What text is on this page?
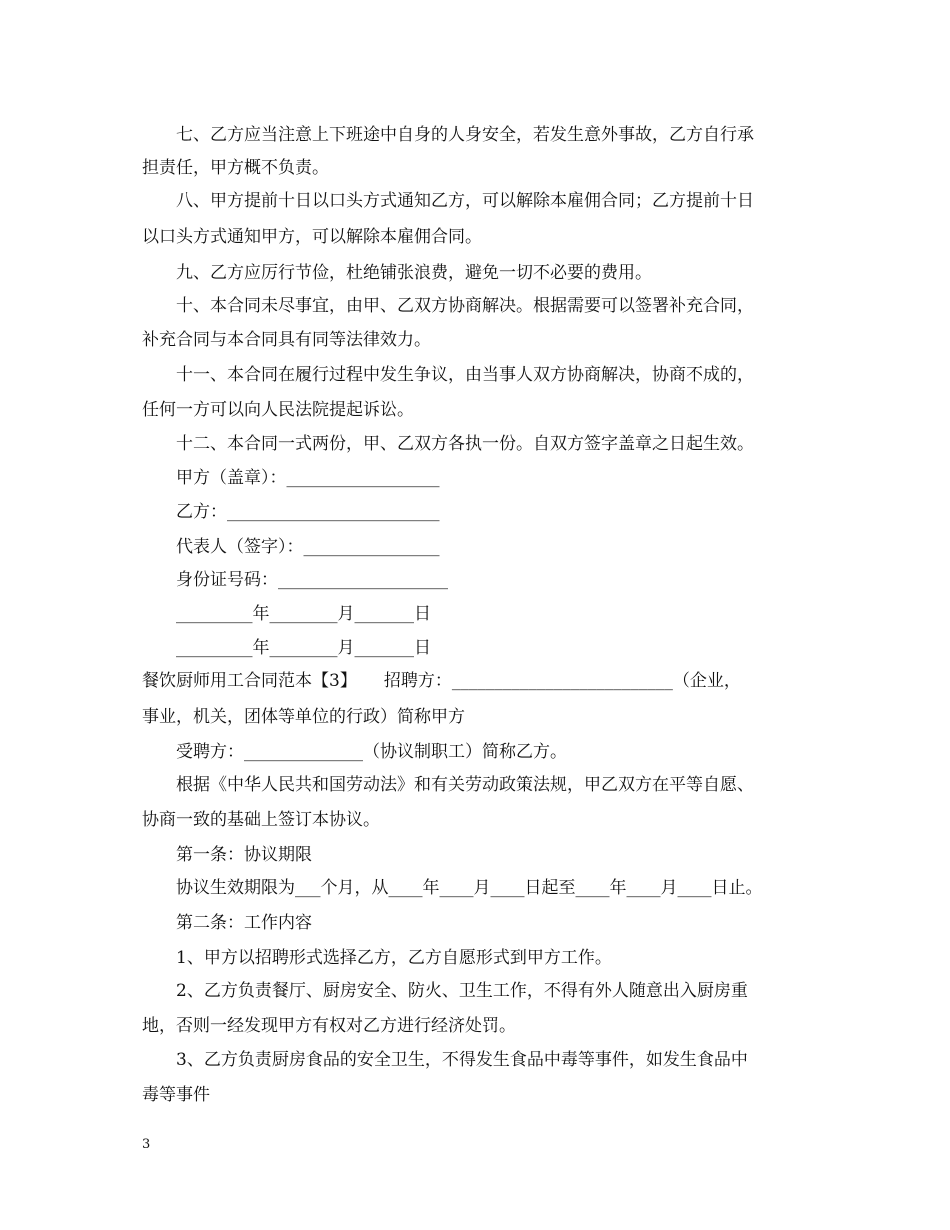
七、乙方应当注意上下班途中自身的人身安全，若发生意外事故，乙方自行承
担责任，甲方概不负责。
八、甲方提前十日以口头方式通知乙方，可以解除本雇佣合同；乙方提前十日
以口头方式通知甲方，可以解除本雇佣合同。
九、乙方应厉行节俭，杜绝铺张浪费，避免一切不必要的费用。
十、本合同未尽事宜，由甲、乙双方协商解决。根据需要可以签署补充合同，
补充合同与本合同具有同等法律效力。
十一、本合同在履行过程中发生争议，由当事人双方协商解决，协商不成的，
任何一方可以向人民法院提起诉讼。
十二、本合同一式两份，甲、乙双方各执一份。自双方签字盖章之日起生效。
甲方（盖章）：__________________
乙方：_________________________
代表人（签字）：________________
身份证号码：____________________
_________年________月_______日
_________年________月_______日
餐饮厨师用工合同范本【3】     招聘方：__________________________（企业，
事业，机关，团体等单位的行政）简称甲方
受聘方：______________（协议制职工）简称乙方。
根据《中华人民共和国劳动法》和有关劳动政策法规，甲乙双方在平等自愿、
协商一致的基础上签订本协议。
第一条：协议期限
协议生效期限为___个月，从____年____月____日起至____年____月____日止。
第二条：工作内容
1、甲方以招聘形式选择乙方，乙方自愿形式到甲方工作。
2、乙方负责餐厅、厨房安全、防火、卫生工作，不得有外人随意出入厨房重
地，否则一经发现甲方有权对乙方进行经济处罚。
3、乙方负责厨房食品的安全卫生，不得发生食品中毒等事件，如发生食品中
毒等事件
3
